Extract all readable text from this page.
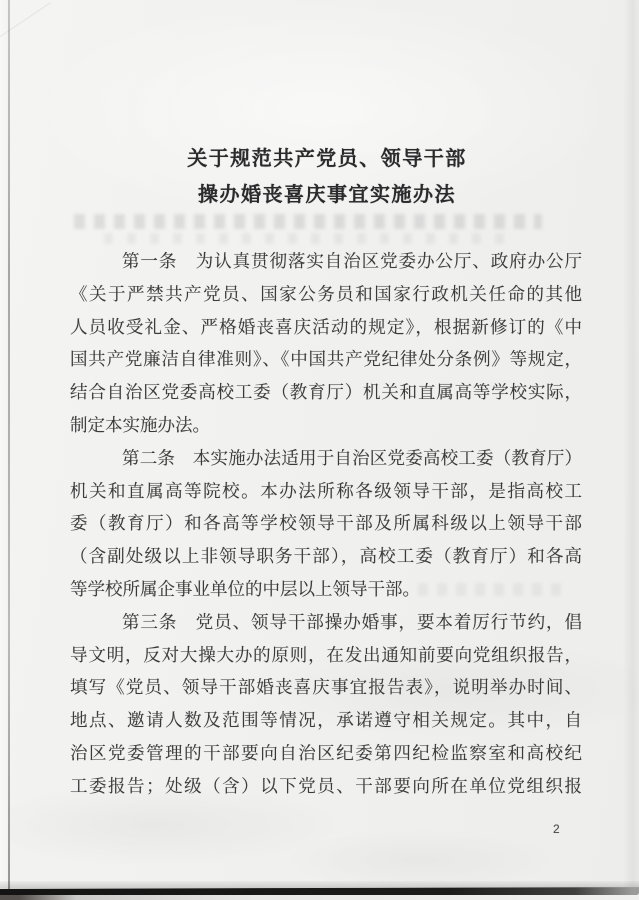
关于规范共产党员、领导干部
操办婚丧喜庆事宜实施办法
第一条　为认真贯彻落实自治区党委办公厅、政府办公厅
《关于严禁共产党员、国家公务员和国家行政机关任命的其他
人员收受礼金、严格婚丧喜庆活动的规定》，根据新修订的《中
国共产党廉洁自律准则》、《中国共产党纪律处分条例》等规定，
结合自治区党委高校工委（教育厅）机关和直属高等学校实际，
制定本实施办法。
第二条　本实施办法适用于自治区党委高校工委（教育厅）
机关和直属高等院校。本办法所称各级领导干部，是指高校工
委（教育厅）和各高等学校领导干部及所属科级以上领导干部
（含副处级以上非领导职务干部），高校工委（教育厅）和各高
等学校所属企事业单位的中层以上领导干部。
第三条　党员、领导干部操办婚事，要本着厉行节约，倡
导文明，反对大操大办的原则，在发出通知前要向党组织报告，
填写《党员、领导干部婚丧喜庆事宜报告表》，说明举办时间、
地点、邀请人数及范围等情况，承诺遵守相关规定。其中，自
治区党委管理的干部要向自治区纪委第四纪检监察室和高校纪
工委报告；处级（含）以下党员、干部要向所在单位党组织报
2
